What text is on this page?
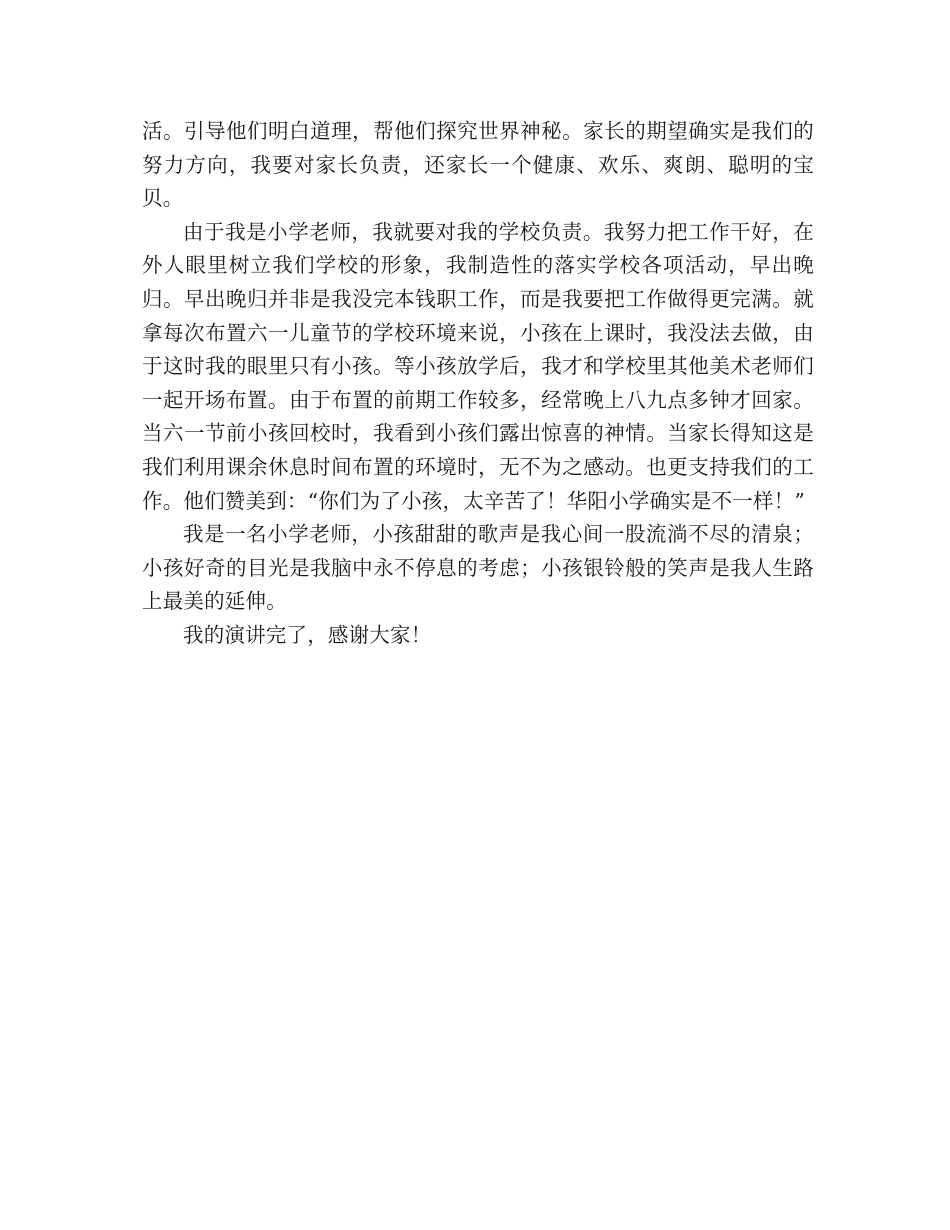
活。引导他们明白道理，帮他们探究世界神秘。家长的期望确实是我们的努力方向，我要对家长负责，还家长一个健康、欢乐、爽朗、聪明的宝贝。

由于我是小学老师，我就要对我的学校负责。我努力把工作干好，在外人眼里树立我们学校的形象，我制造性的落实学校各项活动，早出晚归。早出晚归并非是我没完本钱职工作，而是我要把工作做得更完满。就拿每次布置六一儿童节的学校环境来说，小孩在上课时，我没法去做，由于这时我的眼里只有小孩。等小孩放学后，我才和学校里其他美术老师们一起开场布置。由于布置的前期工作较多，经常晚上八九点多钟才回家。当六一节前小孩回校时，我看到小孩们露出惊喜的神情。当家长得知这是我们利用课余休息时间布置的环境时，无不为之感动。也更支持我们的工作。他们赞美到：“你们为了小孩，太辛苦了！华阳小学确实是不一样！”

我是一名小学老师，小孩甜甜的歌声是我心间一股流淌不尽的清泉；小孩好奇的目光是我脑中永不停息的考虑；小孩银铃般的笑声是我人生路上最美的延伸。

我的演讲完了，感谢大家！
